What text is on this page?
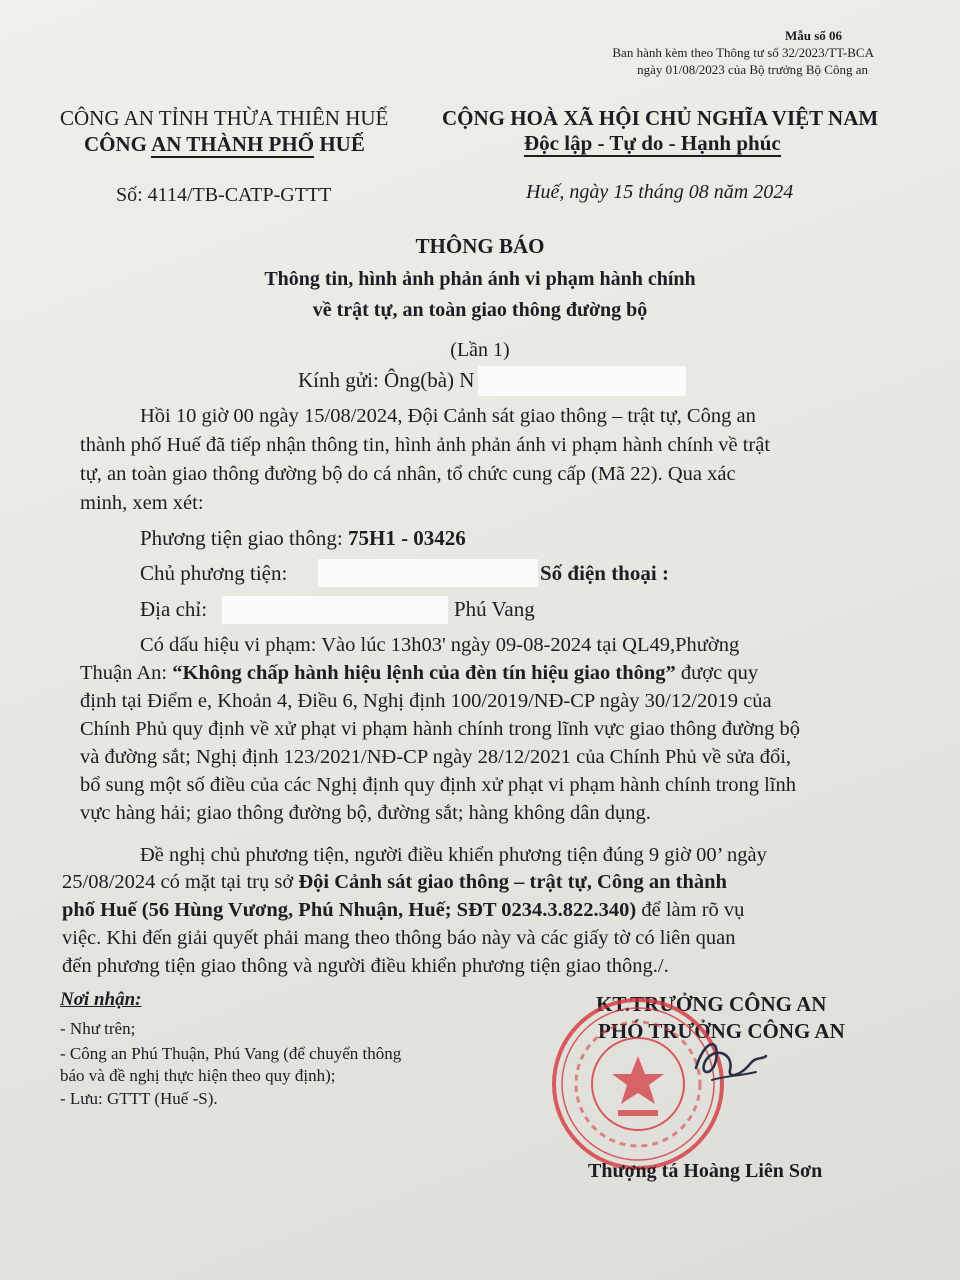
Mẫu số 06
Ban hành kèm theo Thông tư số 32/2023/TT-BCA
ngày 01/08/2023 của Bộ trưởng Bộ Công an
CÔNG AN TỈNH THỪA THIÊN HUẾ
CÔNG AN THÀNH PHỐ HUẾ
CỘNG HOÀ XÃ HỘI CHỦ NGHĨA VIỆT NAM
Độc lập - Tự do - Hạnh phúc
Số: 4114/TB-CATP-GTTT	Huế, ngày 15 tháng 08 năm 2024
THÔNG BÁO
Thông tin, hình ảnh phản ánh vi phạm hành chính
về trật tự, an toàn giao thông đường bộ
(Lần 1)
Kính gửi: Ông(bà) N
Hồi 10 giờ 00 ngày 15/08/2024, Đội Cảnh sát giao thông – trật tự, Công an
thành phố Huế đã tiếp nhận thông tin, hình ảnh phản ánh vi phạm hành chính về trật
tự, an toàn giao thông đường bộ do cá nhân, tổ chức cung cấp (Mã 22). Qua xác
minh, xem xét:
Phương tiện giao thông: 75H1 - 03426
Chủ phương tiện:	Số điện thoại :
Địa chỉ:	Phú Vang
Có dấu hiệu vi phạm: Vào lúc 13h03' ngày 09-08-2024 tại QL49,Phường
Thuận An: “Không chấp hành hiệu lệnh của đèn tín hiệu giao thông” được quy
định tại Điểm e, Khoản 4, Điều 6, Nghị định 100/2019/NĐ-CP ngày 30/12/2019 của
Chính Phủ quy định về xử phạt vi phạm hành chính trong lĩnh vực giao thông đường bộ
và đường sắt; Nghị định 123/2021/NĐ-CP ngày 28/12/2021 của Chính Phủ về sửa đổi,
bổ sung một số điều của các Nghị định quy định xử phạt vi phạm hành chính trong lĩnh
vực hàng hải; giao thông đường bộ, đường sắt; hàng không dân dụng.
Đề nghị chủ phương tiện, người điều khiển phương tiện đúng 9 giờ 00’ ngày
25/08/2024 có mặt tại trụ sở Đội Cảnh sát giao thông – trật tự, Công an thành
phố Huế (56 Hùng Vương, Phú Nhuận, Huế; SĐT 0234.3.822.340) để làm rõ vụ
việc. Khi đến giải quyết phải mang theo thông báo này và các giấy tờ có liên quan
đến phương tiện giao thông và người điều khiển phương tiện giao thông./.
Nơi nhận:
- Như trên;
- Công an Phú Thuận, Phú Vang (để chuyển thông
báo và đề nghị thực hiện theo quy định);
- Lưu: GTTT (Huế -S).
KT.TRƯỞNG CÔNG AN
PHÓ TRƯỞNG CÔNG AN
Thượng tá Hoàng Liên Sơn
